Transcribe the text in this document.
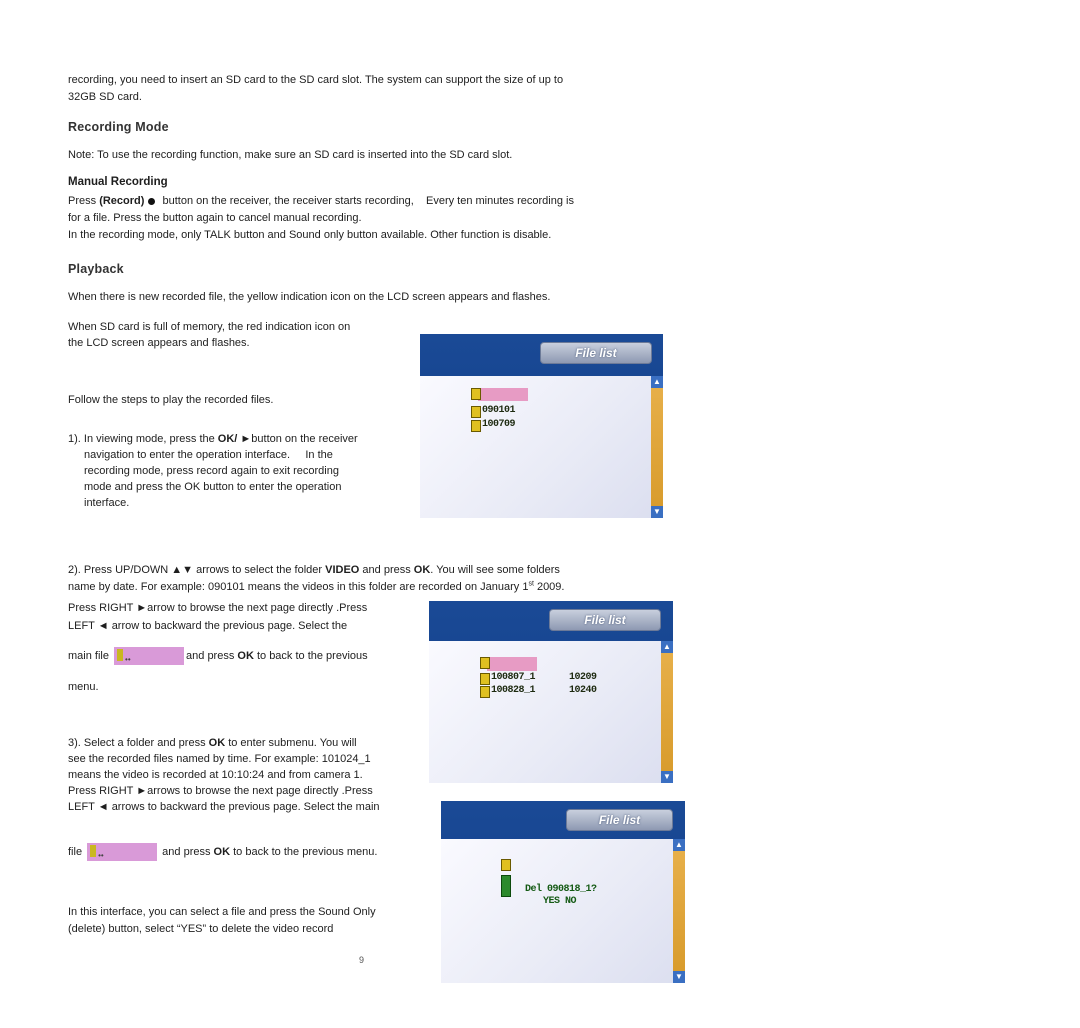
recording, you need to insert an SD card to the SD card slot. The system can support the size of up to

32GB SD card.

Recording Mode

Note: To use the recording function, make sure an SD card is inserted into the SD card slot.

Manual Recording

Press (Record) button on the receiver, the receiver starts recording,    Every ten minutes recording is

for a file. Press the button again to cancel manual recording.

In the recording mode, only TALK button and Sound only button available. Other function is disable.

Playback

When there is new recorded file, the yellow indication icon on the LCD screen appears and flashes.

When SD card is full of memory, the red indication icon on

the LCD screen appears and flashes.

Follow the steps to play the recorded files.

1). In viewing mode, press the OK/ ►button on the receiver

navigation to enter the operation interface.     In the

recording mode, press record again to exit recording

mode and press the OK button to enter the operation

interface.

File list
090101
100709
▲
▼

2). Press UP/DOWN ▲▼ arrows to select the folder VIDEO and press OK. You will see some folders

name by date. For example: 090101 means the videos in this folder are recorded on January 1st 2009.

Press RIGHT ►arrow to browse the next page directly .Press

LEFT ◄ arrow to backward the previous page. Select the

main file ••	and press OK to back to the previous

menu.

File list
100807_1
100828_1
10209
10240
▲
▼

3). Select a folder and press OK to enter submenu. You will

see the recorded files named by time. For example: 101024_1

means the video is recorded at 10:10:24 and from camera 1.

Press RIGHT ►arrows to browse the next page directly .Press

LEFT ◄ arrows to backward the previous page. Select the main

file ••	and press OK to back to the previous menu.

File list
Del 090818_1?
YES NO
▲
▼

In this interface, you can select a file and press the Sound Only

(delete) button, select “YES” to delete the video record

9
